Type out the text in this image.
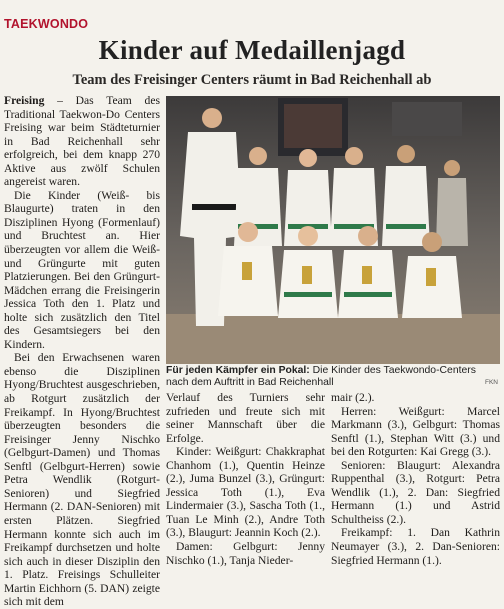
TAEKWONDO
Kinder auf Medaillenjagd
Team des Freisinger Centers räumt in Bad Reichenhall ab

Freising – Das Team des Traditional Taekwon-Do Centers Freising war beim Städteturnier in Bad Reichenhall sehr erfolgreich, bei dem knapp 270 Aktive aus zwölf Schulen angereist waren.

Die Kinder (Weiß- bis Blaugurte) traten in den Disziplinen Hyong (Formenlauf) und Bruchtest an. Hier überzeugten vor allem die Weiß- und Grüngurte mit guten Platzierungen. Bei den Grüngurt-Mädchen errang die Freisingerin Jessica Toth den 1. Platz und holte sich zusätzlich den Titel des Gesamtsiegers bei den Kindern.

Bei den Erwachsenen waren ebenso die Disziplinen Hyong/Bruchtest ausgeschrieben, ab Rotgurt zusätzlich der Freikampf. In Hyong/Bruchtest überzeugten besonders die Freisinger Jenny Nischko (Gelbgurt-Damen) und Thomas Senftl (Gelbgurt-Herren) sowie Petra Wendlik (Rotgurt-Senioren) und Siegfried Hermann (2. DAN-Senioren) mit ersten Plätzen. Siegfried Hermann konnte sich auch im Freikampf durchsetzen und holte sich auch in dieser Disziplin den 1. Platz. Freisings Schulleiter Martin Eichhorn (5. DAN) zeigte sich mit dem

Für jeden Kämpfer ein Pokal: Die Kinder des Taekwondo-Centers nach dem Auftritt in Bad Reichenhall	FKN

Verlauf des Turniers sehr zufrieden und freute sich mit seiner Mannschaft über die Erfolge.

Kinder: Weißgurt: Chakkraphat Chanhom (1.), Quentin Heinze (2.), Juma Bunzel (3.), Grüngurt: Jessica Toth (1.), Eva Lindermaier (3.), Sascha Toth (1., Tuan Le Minh (2.), Andre Toth (3.), Blaugurt: Jeannin Koch (2.).

Damen: Gelbgurt: Jenny Nischko (1.), Tanja Nieder-

mair (2.).

Herren: Weißgurt: Marcel Markmann (3.), Gelbgurt: Thomas Senftl (1.), Stephan Witt (3.) und bei den Rotgurten: Kai Gregg (3.).

Senioren: Blaugurt: Alexandra Ruppenthal (3.), Rotgurt: Petra Wendlik (1.), 2. Dan: Siegfried Hermann (1.) und Astrid Schultheiss (2.).

Freikampf: 1. Dan Kathrin Neumayer (3.), 2. Dan-Senioren: Siegfried Hermann (1.).
